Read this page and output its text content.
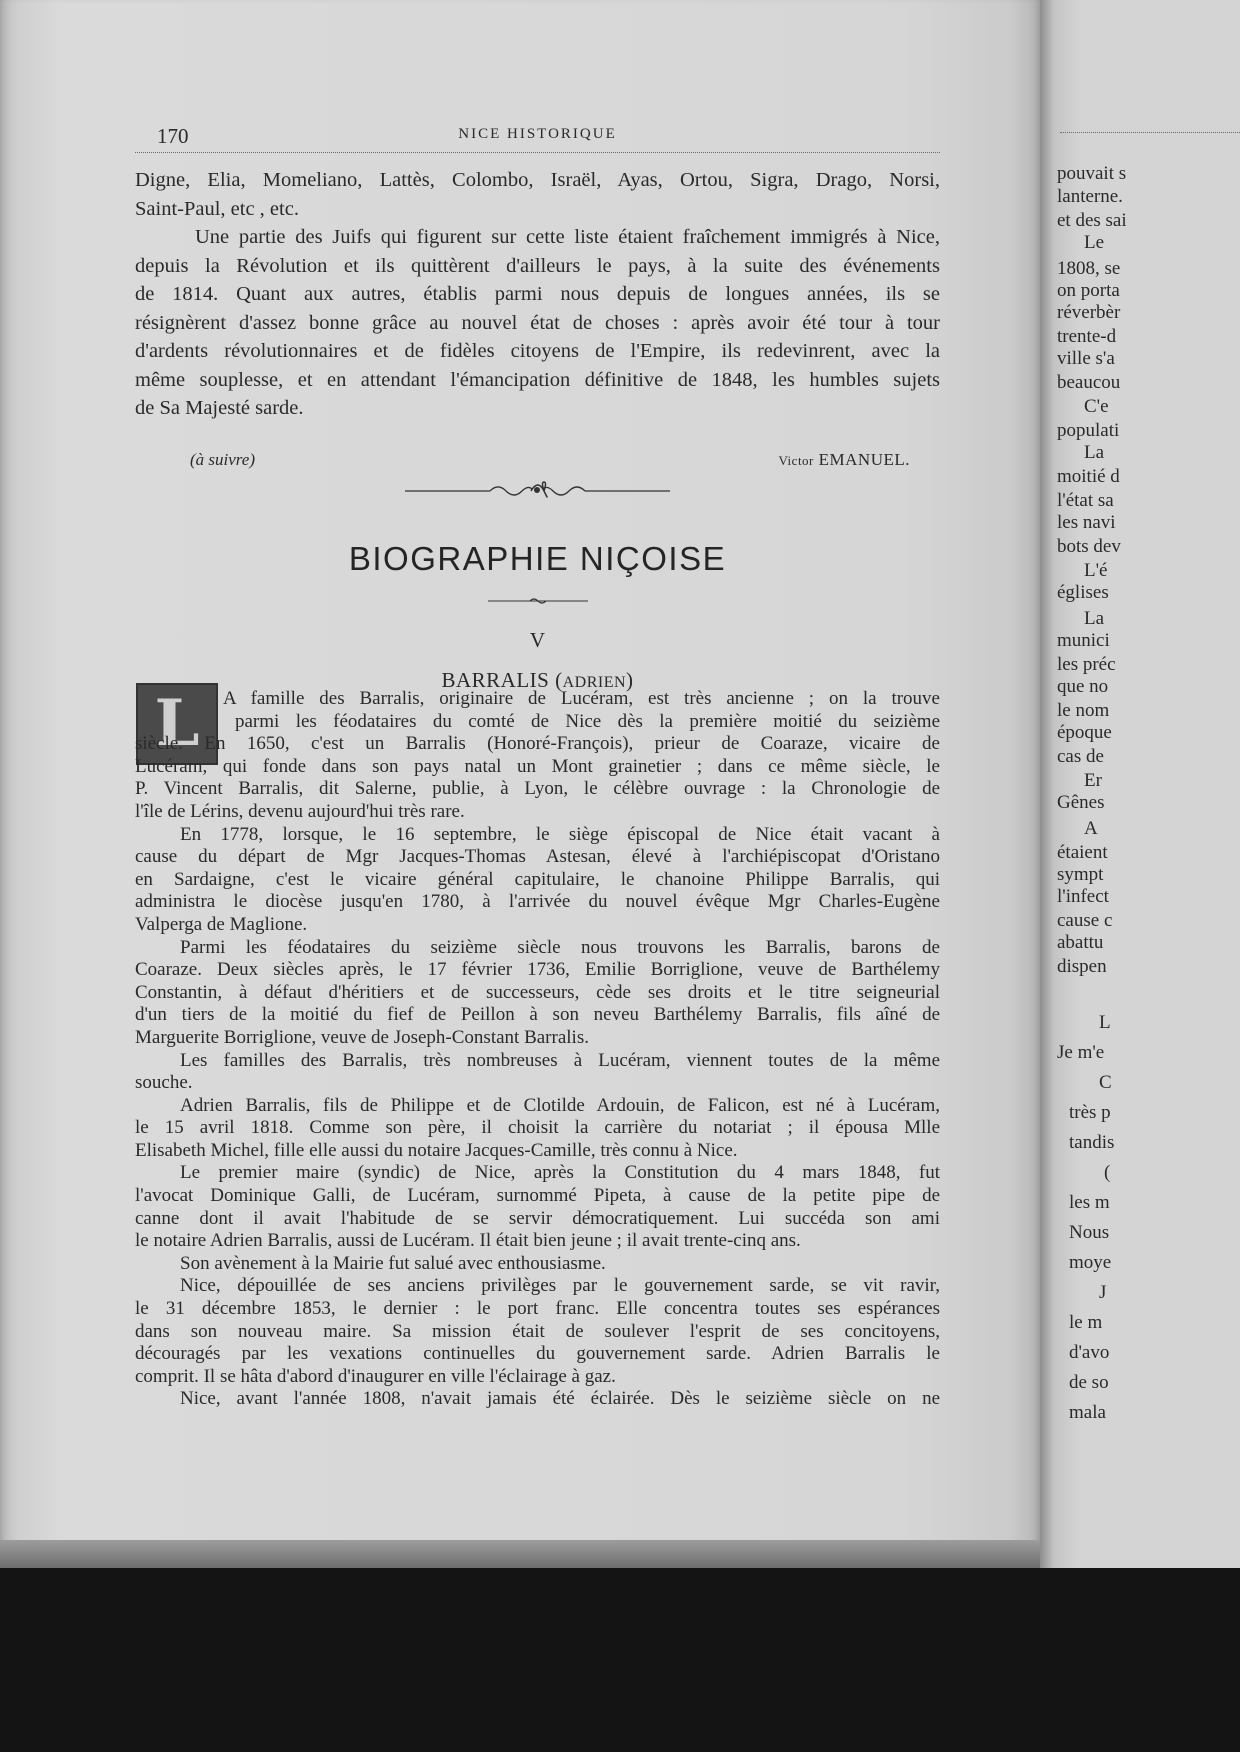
170	NICE HISTORIQUE

Digne, Elia, Momeliano, Lattès, Colombo, Israël, Ayas, Ortou, Sigra, Drago, Norsi,
Saint-Paul, etc , etc.

Une partie des Juifs qui figurent sur cette liste étaient fraîchement immigrés à Nice,
depuis la Révolution et ils quittèrent d'ailleurs le pays, à la suite des événements
de 1814. Quant aux autres, établis parmi nous depuis de longues années, ils se
résignèrent d'assez bonne grâce au nouvel état de choses : après avoir été tour à tour
d'ardents révolutionnaires et de fidèles citoyens de l'Empire, ils redevinrent, avec la
même souplesse, et en attendant l'émancipation définitive de 1848, les humbles sujets
de Sa Majesté sarde.

(à suivre)	Victor EMANUEL.
BIOGRAPHIE NIÇOISE
V
BARRALIS (ADRIEN)
L	A famille des Barralis, originaire de Lucéram, est très ancienne ; on la trouve
parmi les féodataires du comté de Nice dès la première moitié du seizième
siècle. En 1650, c'est un Barralis (Honoré-François), prieur de Coaraze, vicaire de
Lucéram, qui fonde dans son pays natal un Mont grainetier ; dans ce même siècle, le
P. Vincent Barralis, dit Salerne, publie, à Lyon, le célèbre ouvrage : la Chronologie de
l'île de Lérins, devenu aujourd'hui très rare.

En 1778, lorsque, le 16 septembre, le siège épiscopal de Nice était vacant à
cause du départ de Mgr Jacques-Thomas Astesan, élevé à l'archiépiscopat d'Oristano
en Sardaigne, c'est le vicaire général capitulaire, le chanoine Philippe Barralis, qui
administra le diocèse jusqu'en 1780, à l'arrivée du nouvel évêque Mgr Charles-Eugène
Valperga de Maglione.

Parmi les féodataires du seizième siècle nous trouvons les Barralis, barons de
Coaraze. Deux siècles après, le 17 février 1736, Emilie Borriglione, veuve de Barthélemy
Constantin, à défaut d'héritiers et de successeurs, cède ses droits et le titre seigneurial
d'un tiers de la moitié du fief de Peillon à son neveu Barthélemy Barralis, fils aîné de
Marguerite Borriglione, veuve de Joseph-Constant Barralis.

Les familles des Barralis, très nombreuses à Lucéram, viennent toutes de la même
souche.

Adrien Barralis, fils de Philippe et de Clotilde Ardouin, de Falicon, est né à Lucéram,
le 15 avril 1818. Comme son père, il choisit la carrière du notariat ; il épousa Mlle
Elisabeth Michel, fille elle aussi du notaire Jacques-Camille, très connu à Nice.

Le premier maire (syndic) de Nice, après la Constitution du 4 mars 1848, fut
l'avocat Dominique Galli, de Lucéram, surnommé Pipeta, à cause de la petite pipe de
canne dont il avait l'habitude de se servir démocratiquement. Lui succéda son ami
le notaire Adrien Barralis, aussi de Lucéram. Il était bien jeune ; il avait trente-cinq ans.

Son avènement à la Mairie fut salué avec enthousiasme.

Nice, dépouillée de ses anciens privilèges par le gouvernement sarde, se vit ravir,
le 31 décembre 1853, le dernier : le port franc. Elle concentra toutes ses espérances
dans son nouveau maire. Sa mission était de soulever l'esprit de ses concitoyens,
découragés par les vexations continuelles du gouvernement sarde. Adrien Barralis le
comprit. Il se hâta d'abord d'inaugurer en ville l'éclairage à gaz.

Nice, avant l'année 1808, n'avait jamais été éclairée. Dès le seizième siècle on ne

pouvait s
lanterne.
et des sai
Le
1808, se
on porta
réverbèr
trente-d
ville s'a
beaucou
C'e
populati
La
moitié d
l'état sa
les navi
bots dev
L'é
églises
La
munici
les préc
que no
le nom
époque
cas de
Er
Gênes
A
étaient
sympt
l'infect
cause c
abattu
dispen
L
Je m'e
C
très p
tandis
(
les m
Nous
moye
J
le m
d'avo
de so
mala
